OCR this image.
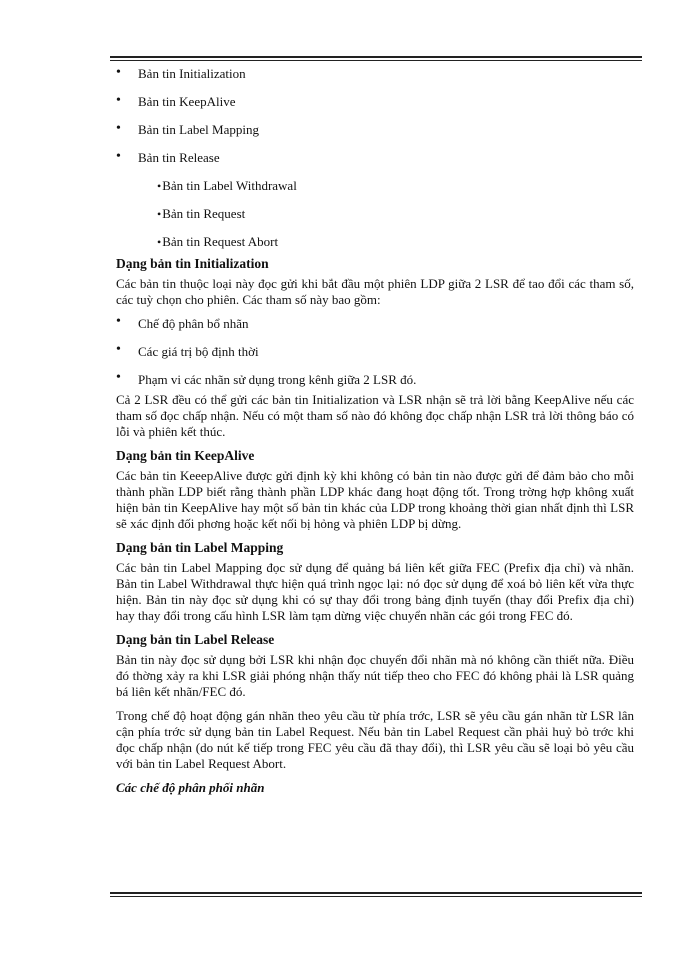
• Bản tin Initialization
• Bản tin KeepAlive
• Bản tin Label Mapping
• Bản tin Release
•Bản tin Label Withdrawal
•Bản tin Request
•Bản tin Request Abort
Dạng bản tin Initialization

Các bản tin thuộc loại này đọc gửi khi bắt đầu một phiên LDP giữa 2 LSR để tao đổi các tham số, các tuỳ chọn cho phiên. Các tham số này bao gồm:

• Chế độ phân bổ nhãn
• Các giá trị bộ định thời
• Phạm vi các nhãn sử dụng trong kênh giữa 2 LSR đó.

Cả 2 LSR đều có thể gửi các bản tin Initialization và LSR nhận sẽ trả lời bằng KeepAlive nếu các tham số đọc chấp nhận. Nếu có một tham số nào đó không đọc chấp nhận LSR trả lời thông báo có lỗi và phiên kết thúc.

Dạng bản tin KeepAlive

Các bản tin KeeepAlive được gửi định kỳ khi không có bản tin nào được gửi để đảm bảo cho mỗi thành phần LDP biết rằng thành phần LDP khác đang hoạt động tốt. Trong trờng hợp không xuất hiện bản tin KeepAlive hay một số bản tin khác của LDP trong khoảng thời gian nhất định thì LSR sẽ xác định đối phơng hoặc kết nối bị hỏng và phiên LDP bị dừng.

Dạng bản tin Label Mapping

Các bản tin Label Mapping đọc sử dụng để quảng bá liên kết giữa FEC (Prefix địa chỉ) và nhãn. Bản tin Label Withdrawal thực hiện quá trình ngọc lại: nó đọc sử dụng để xoá bỏ liên kết vừa thực hiện. Bản tin này đọc sử dụng khi có sự thay đổi trong bảng định tuyến (thay đổi Prefix địa chỉ) hay thay đổi trong cấu hình LSR làm tạm dừng việc chuyển nhãn các gói trong FEC đó.

Dạng bản tin Label Release

Bản tin này đọc sử dụng bởi LSR khi nhận đọc chuyển đổi nhãn mà nó không cần thiết nữa. Điều đó thờng xảy ra khi LSR giải phóng nhận thấy nút tiếp theo cho FEC đó không phải là LSR quảng bá liên kết nhãn/FEC đó.

Trong chế độ hoạt động gán nhãn theo yêu cầu từ phía trớc, LSR sẽ yêu cầu gán nhãn từ LSR lân cận phía trớc sử dụng bản tin Label Request. Nếu bản tin Label Request cần phải huỷ bỏ trớc khi đọc chấp nhận (do nút kế tiếp trong FEC yêu cầu đã thay đổi), thì LSR yêu cầu sẽ loại bỏ yêu cầu với bản tin Label Request Abort.

Các chế độ phân phối nhãn
